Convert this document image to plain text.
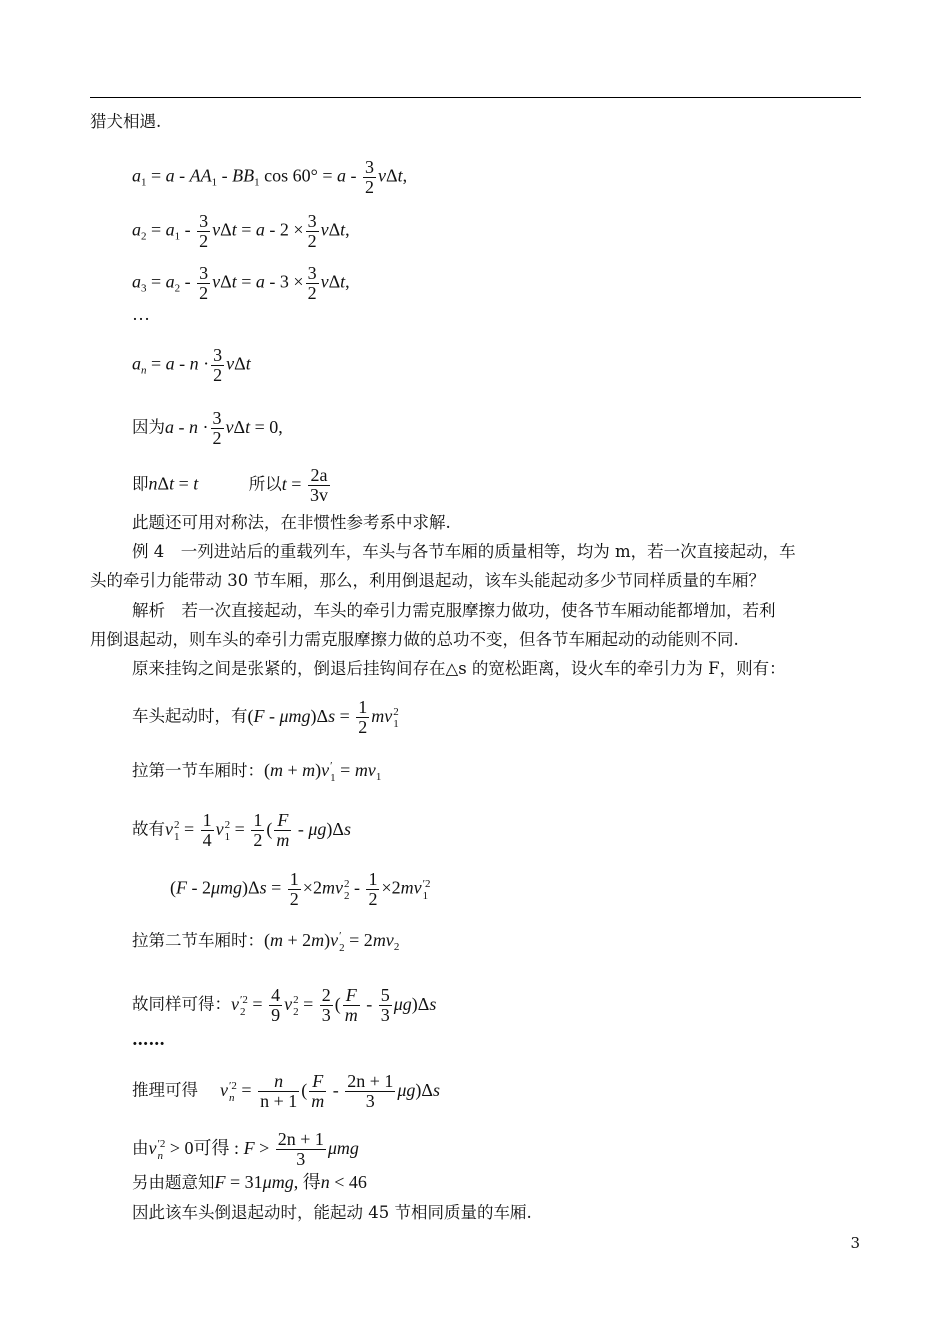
猎犬相遇.
$a_1 = a - AA_1 - BB_1$ $\cos 60^\circ = a - \frac{3}{2} v\Delta t$,
$a_2 = a_1 - \frac{3}{2}$ $v\Delta t = a - 2 \times \frac{3}{2} v\Delta t$,
$a_3 = a_2 - \frac{3}{2}$ $v\Delta t = a - 3 \times \frac{3}{2} v\Delta t$,
…
$a_n = a - n \cdot \frac{3}{2}$ vΔt
因为$a - n \cdot \frac{3}{2}$ vΔt = 0,
即nΔt = t	所以$t = \frac{2a}{3v}$
此题还可用对称法，在非惯性参考系中求解.
例 4　一列进站后的重载列车，车头与各节车厢的质量相等，均为 m，若一次直接起动，车
头的牵引力能带动 30 节车厢，那么，利用倒退起动，该车头能起动多少节同样质量的车厢？
解析　若一次直接起动，车头的牵引力需克服摩擦力做功，使各节车厢动能都增加，若利
用倒退起动，则车头的牵引力需克服摩擦力做的总功不变，但各节车厢起动的动能则不同.
原来挂钩之间是张紧的，倒退后挂钩间存在△s 的宽松距离，设火车的牵引力为 F，则有：
车头起动时，有$(F - \mu mg)\Delta s = \frac{1}{2}$ mv 2
1
拉第一节车厢时：(m + m)v ′
$1 = mv_1$
故有v 2
$1 = \frac{1}{4}$ v 2
$1 = \frac{1}{2}$ ( $\frac{F}{m} - \mu g)\Delta s$
$(F - 2\mu mg)\Delta s = \frac{1}{2} \times 2mv$ 2
$2 - \frac{1}{2} \times 2mv$ ′2
1
拉第二节车厢时：(m + 2m)v ′
$2 = 2mv_2$
故同样可得：v ′2
$2 = \frac{4}{9}$ v 2
$2 = \frac{2}{3}$ ( $\frac{F}{m} - \frac{5}{3} \mu g)\Delta s$
……
推理可得 v ′2
$n = \frac{n}{n + 1}$ ( $\frac{F}{m} - \frac{2n + 1}{3} \mu g)\Delta s$
由v ′2
n > 0可得 : $F > \frac{2n + 1}{3}$ μmg
另由题意知F = 31μmg, 得n < 46
因此该车头倒退起动时，能起动 45 节相同质量的车厢.
3
